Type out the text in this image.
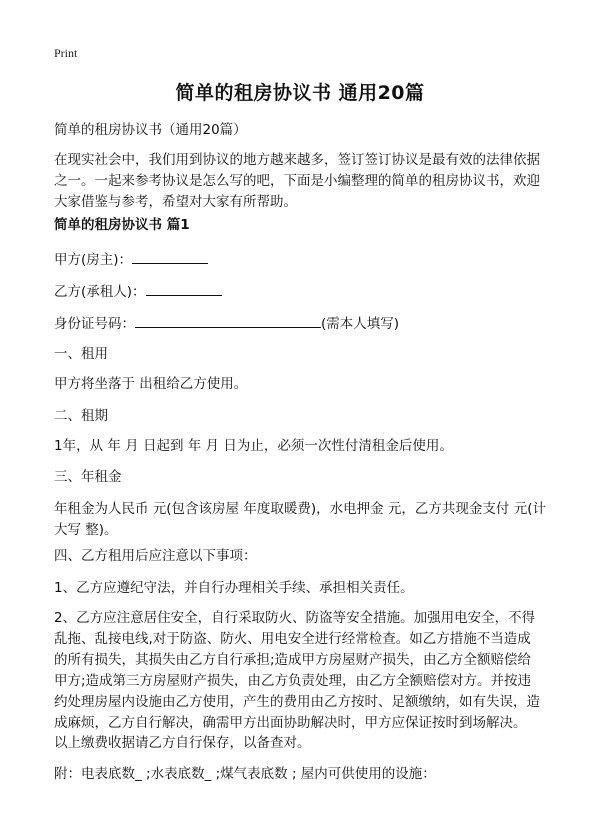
Print
简单的租房协议书 通用20篇
简单的租房协议书（通用20篇）
在现实社会中，我们用到协议的地方越来越多，签订签订协议是最有效的法律依据
之一。一起来参考协议是怎么写的吧，下面是小编整理的简单的租房协议书，欢迎
大家借鉴与参考，希望对大家有所帮助。
简单的租房协议书 篇1
甲方(房主)：
乙方(承租人)：
身份证号码：	(需本人填写)
一、租用
甲方将坐落于 出租给乙方使用。
二、租期
1年，从 年 月 日起到 年 月 日为止，必须一次性付清租金后使用。
三、年租金
年租金为人民币 元(包含该房屋 年度取暖费)，水电押金 元，乙方共现金支付 元(计
大写 整)。
四、乙方租用后应注意以下事项：
1、乙方应遵纪守法，并自行办理相关手续、承担相关责任。
2、乙方应注意居住安全，自行采取防火、防盗等安全措施。加强用电安全，不得
乱拖、乱接电线,对于防盗、防火、用电安全进行经常检查。如乙方措施不当造成
的所有损失，其损失由乙方自行承担;造成甲方房屋财产损失，由乙方全额赔偿给
甲方;造成第三方房屋财产损失，由乙方负责处理，由乙方全额赔偿对方。并按违
约处理房屋内设施由乙方使用，产生的费用由乙方按时、足额缴纳，如有失误，造
成麻烦，乙方自行解决，确需甲方出面协助解决时，甲方应保证按时到场解决。
以上缴费收据请乙方自行保存，以备查对。
附：电表底数_ ;水表底数_ ;煤气表底数 ; 屋内可供使用的设施：
